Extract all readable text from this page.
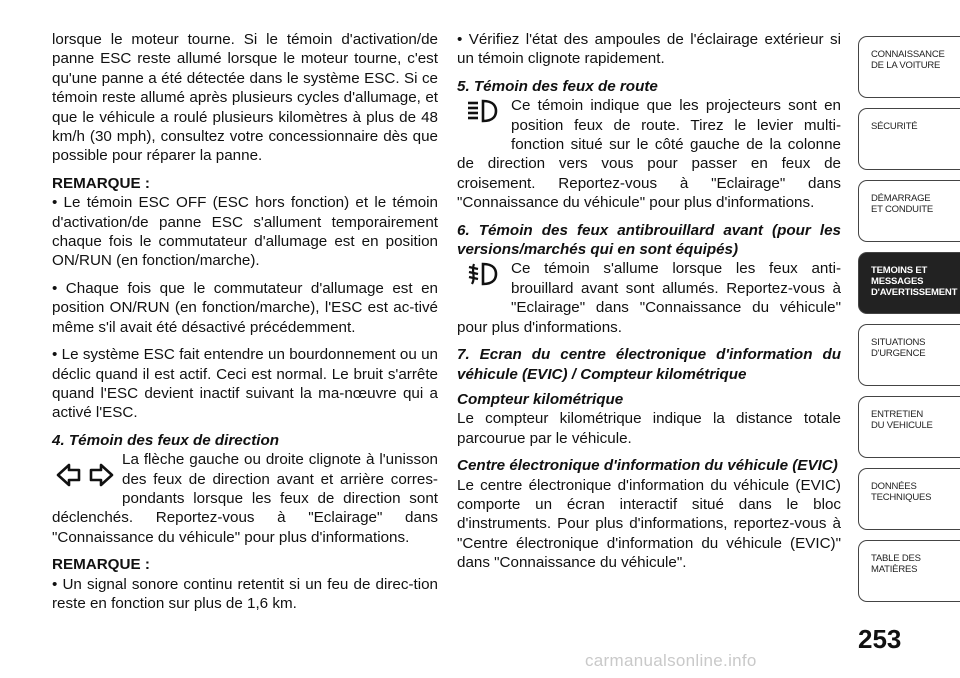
lorsque le moteur tourne. Si le témoin d'activation/de panne ESC reste allumé lorsque le moteur tourne, c'est qu'une panne a été détectée dans le système ESC. Si ce témoin reste allumé après plusieurs cycles d'allumage, et que le véhicule a roulé plusieurs kilomètres à plus de 48 km/h (30 mph), consultez votre concessionnaire dès que possible pour réparer la panne.

REMARQUE :

• Le témoin ESC OFF (ESC hors fonction) et le témoin d'activation/de panne ESC s'allument temporairement chaque fois le commutateur d'allumage est en position ON/RUN (en fonction/marche).

• Chaque fois que le commutateur d'allumage est en position ON/RUN (en fonction/marche), l'ESC est ac-tivé même s'il avait été désactivé précédemment.

• Le système ESC fait entendre un bourdonnement ou un déclic quand il est actif. Ceci est normal. Le bruit s'arrête quand l'ESC devient inactif suivant la ma-nœuvre qui a activé l'ESC.

4. Témoin des feux de direction

La flèche gauche ou droite clignote à l'unisson des feux de direction avant et arrière corres-pondants lorsque les feux de direction sont déclenchés. Reportez-vous à "Eclairage" dans "Connaissance du véhicule" pour plus d'informations.

REMARQUE :

• Un signal sonore continu retentit si un feu de direc-tion reste en fonction sur plus de 1,6 km.

• Vérifiez l'état des ampoules de l'éclairage extérieur si un témoin clignote rapidement.

5. Témoin des feux de route

Ce témoin indique que les projecteurs sont en position feux de route. Tirez le levier multi-fonction situé sur le côté gauche de la colonne de direction vers vous pour passer en feux de croisement. Reportez-vous à "Eclairage" dans "Connaissance du véhicule" pour plus d'informations.

6. Témoin des feux antibrouillard avant (pour les versions/marchés qui en sont équipés)

Ce témoin s'allume lorsque les feux anti-brouillard avant sont allumés. Reportez-vous à "Eclairage" dans "Connaissance du véhicule" pour plus d'informations.

7. Ecran du centre électronique d'information du véhicule (EVIC) / Compteur kilométrique

Compteur kilométrique

Le compteur kilométrique indique la distance totale parcourue par le véhicule.

Centre électronique d'information du véhicule (EVIC)

Le centre électronique d'information du véhicule (EVIC) comporte un écran interactif situé dans le bloc d'instruments. Pour plus d'informations, reportez-vous à "Centre électronique d'information du véhicule (EVIC)" dans "Connaissance du véhicule".

CONNAISSANCE
DE LA VOITURE
SÉCURITÉ
DÉMARRAGE
ET CONDUITE
TEMOINS ET
MESSAGES
D'AVERTISSEMENT
SITUATIONS
D'URGENCE
ENTRETIEN
DU VEHICULE
DONNÉES
TECHNIQUES
TABLE DES
MATIÈRES
253
carmanualsonline.info
